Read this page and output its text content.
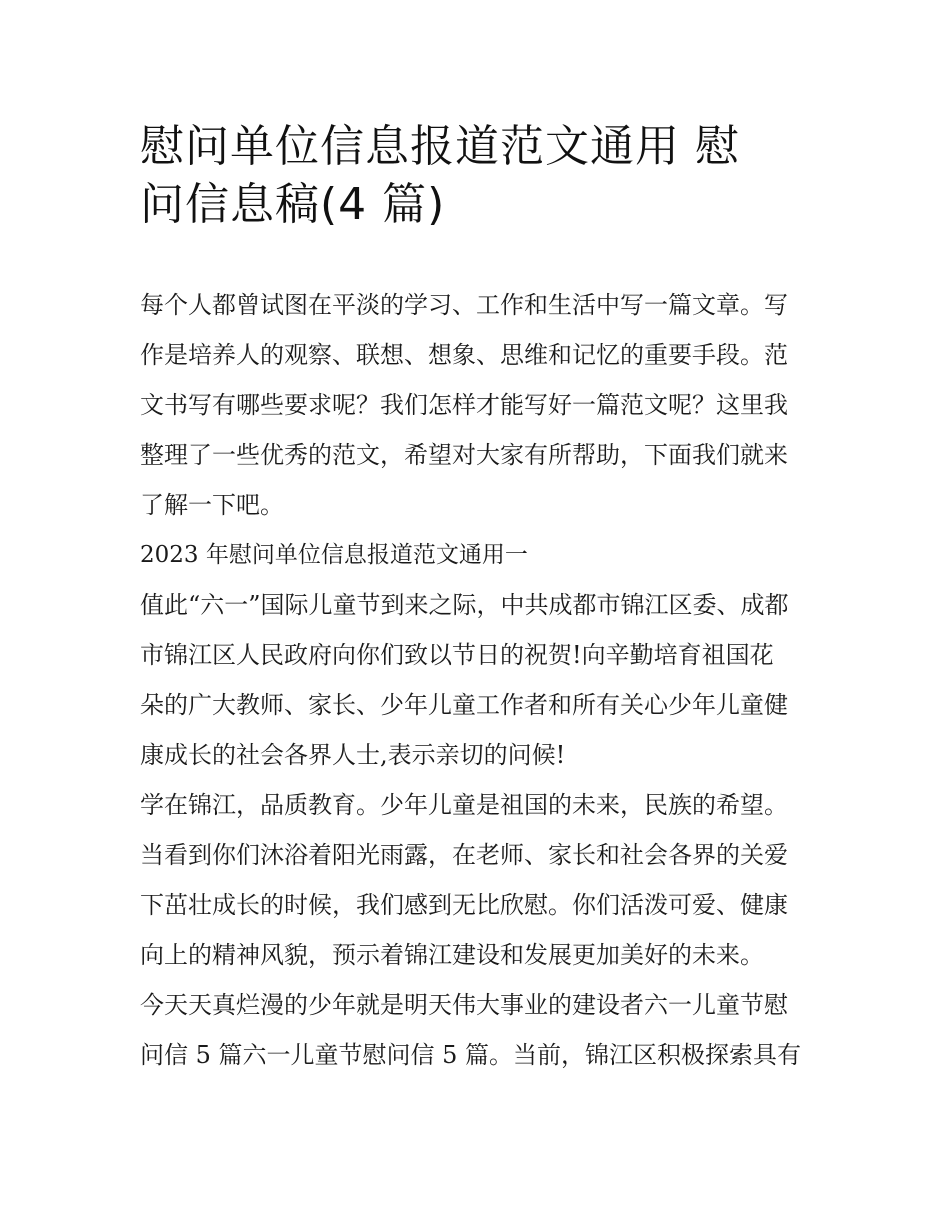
慰问单位信息报道范文通用 慰
问信息稿(4 篇)
每个人都曾试图在平淡的学习、工作和生活中写一篇文章。写
作是培养人的观察、联想、想象、思维和记忆的重要手段。范
文书写有哪些要求呢？我们怎样才能写好一篇范文呢？这里我
整理了一些优秀的范文，希望对大家有所帮助，下面我们就来
了解一下吧。
2023 年慰问单位信息报道范文通用一
值此“六一”国际儿童节到来之际，中共成都市锦江区委、成都
市锦江区人民政府向你们致以节日的祝贺!向辛勤培育祖国花
朵的广大教师、家长、少年儿童工作者和所有关心少年儿童健
康成长的社会各界人士,表示亲切的问候!
学在锦江，品质教育。少年儿童是祖国的未来，民族的希望。
当看到你们沐浴着阳光雨露，在老师、家长和社会各界的关爱
下茁壮成长的时候，我们感到无比欣慰。你们活泼可爱、健康
向上的精神风貌，预示着锦江建设和发展更加美好的未来。
今天天真烂漫的少年就是明天伟大事业的建设者六一儿童节慰
问信 5 篇六一儿童节慰问信 5 篇。当前，锦江区积极探索具有
